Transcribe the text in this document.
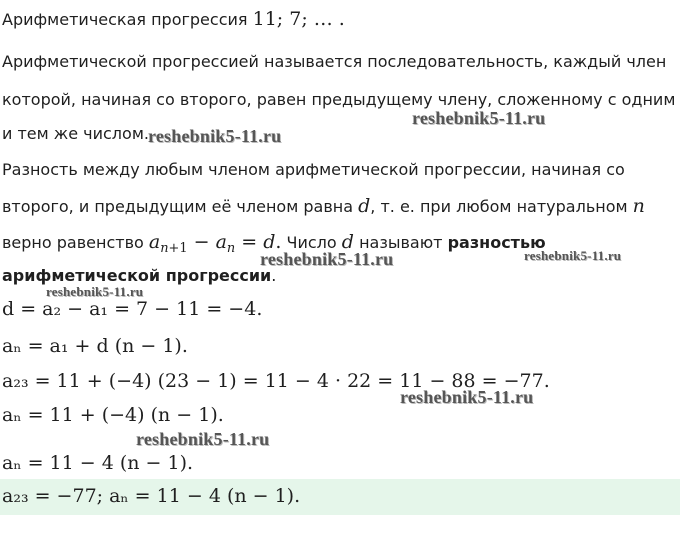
Арифметическая прогрессия 11; 7; … .
Арифметической прогрессией называется последовательность, каждый член
которой, начиная со второго, равен предыдущему члену, сложенному с одним
и тем же числом.
Разность между любым членом арифметической прогрессии, начиная со
второго, и предыдущим её членом равна d, т. е. при любом натуральном n
верно равенство $a_{n+1} - a_n = d$. Число d называют разностью
арифметической прогрессии.
d = a₂ − a₁ = 7 − 11 = −4.
aₙ = a₁ + d (n − 1).
a₂₃ = 11 + (−4) (23 − 1) = 11 − 4 · 22 = 11 − 88 = −77.
aₙ = 11 + (−4) (n − 1).
aₙ = 11 − 4 (n − 1).
a₂₃ = −77; aₙ = 11 − 4 (n − 1).
reshebnik5-11.ru
reshebnik5-11.ru
reshebnik5-11.ru	reshebnik5-11.ru
reshebnik5-11.ru
reshebnik5-11.ru
reshebnik5-11.ru
